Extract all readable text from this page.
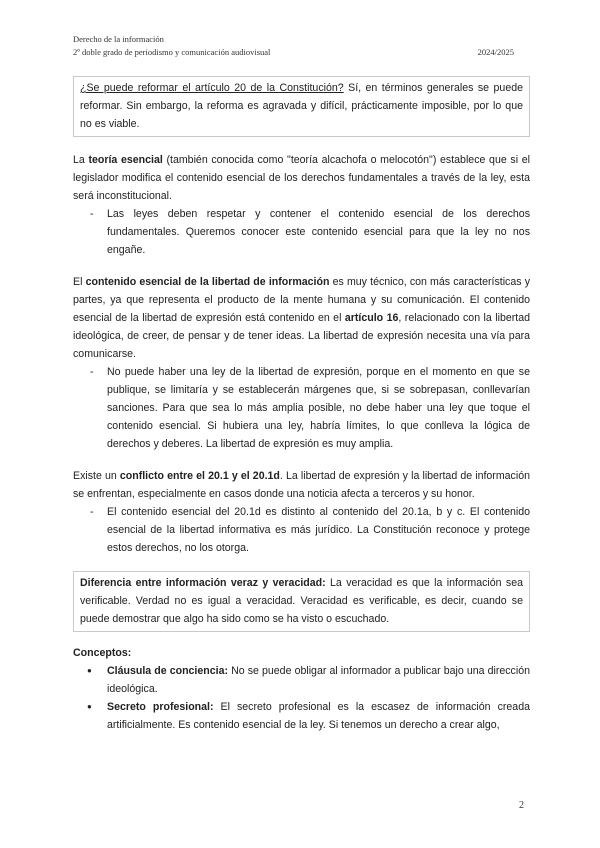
Derecho de la información
2º doble grado de periodismo y comunicación audiovisual	2024/2025
¿Se puede reformar el artículo 20 de la Constitución? Sí, en términos generales se puede reformar. Sin embargo, la reforma es agravada y difícil, prácticamente imposible, por lo que no es viable.

La teoría esencial (también conocida como "teoría alcachofa o melocotón") establece que si el legislador modifica el contenido esencial de los derechos fundamentales a través de la ley, esta será inconstitucional.

- Las leyes deben respetar y contener el contenido esencial de los derechos fundamentales. Queremos conocer este contenido esencial para que la ley no nos engañe.

El contenido esencial de la libertad de información es muy técnico, con más características y partes, ya que representa el producto de la mente humana y su comunicación. El contenido esencial de la libertad de expresión está contenido en el artículo 16, relacionado con la libertad ideológica, de creer, de pensar y de tener ideas. La libertad de expresión necesita una vía para comunicarse.

- No puede haber una ley de la libertad de expresión, porque en el momento en que se publique, se limitaría y se establecerán márgenes que, si se sobrepasan, conllevarían sanciones. Para que sea lo más amplia posible, no debe haber una ley que toque el contenido esencial. Si hubiera una ley, habría límites, lo que conlleva la lógica de derechos y deberes. La libertad de expresión es muy amplia.

Existe un conflicto entre el 20.1 y el 20.1d. La libertad de expresión y la libertad de información se enfrentan, especialmente en casos donde una noticia afecta a terceros y su honor.

- El contenido esencial del 20.1d es distinto al contenido del 20.1a, b y c. El contenido esencial de la libertad informativa es más jurídico. La Constitución reconoce y protege estos derechos, no los otorga.
Diferencia entre información veraz y veracidad: La veracidad es que la información sea verificable. Verdad no es igual a veracidad. Veracidad es verificable, es decir, cuando se puede demostrar que algo ha sido como se ha visto o escuchado.

Conceptos:

● Cláusula de conciencia: No se puede obligar al informador a publicar bajo una dirección ideológica.
● Secreto profesional: El secreto profesional es la escasez de información creada artificialmente. Es contenido esencial de la ley. Si tenemos un derecho a crear algo,
2
